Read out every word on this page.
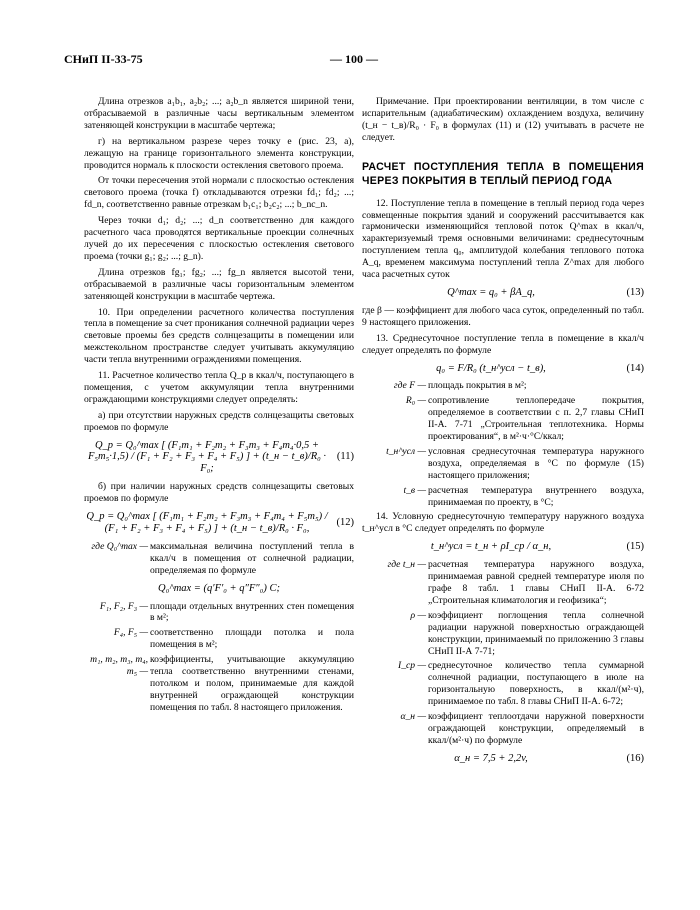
СНиП II-33-75	— 100 —

Длина отрезков a₁b₁, a₂b₂; ...; a₂b_n является шириной тени, отбрасываемой в различные часы вертикальным элементом затеняющей конструкции в масштабе чертежа;

г) на вертикальном разрезе через точку e (рис. 23, a), лежащую на границе горизонтального элемента конструкции, проводится нормаль к плоскости остекления светового проема.

От точки пересечения этой нормали с плоскостью остекления светового проема (точка f) откладываются отрезки fd₁; fd₂; ...; fd_n, соответственно равные отрезкам b₁c₁; b₂c₂; ...; b_nc_n.

Через точки d₁; d₂; ...; d_n соответственно для каждого расчетного часа проводятся вертикальные проекции солнечных лучей до их пересечения с плоскостью остекления светового проема (точки g₁; g₂; ...; g_n).

Длина отрезков fg₁; fg₂; ...; fg_n является высотой тени, отбрасываемой в различные часы горизонтальным элементом затеняющей конструкции в масштабе чертежа.

10. При определении расчетного количества поступления тепла в помещение за счет проникания солнечной радиации через световые проемы без средств солнцезащиты в помещении или межстекольном пространстве следует учитывать аккумуляцию части тепла внутренними ограждениями помещения.

11. Расчетное количество тепла Q_р в ккал/ч, поступающего в помещения, с учетом аккумуляции тепла внутренними ограждающими конструкциями следует определять:

а) при отсутствии наружных средств солнцезащиты световых проемов по формуле

Q_р = Q₀^max [ (F₁m₁ + F₂m₂ + F₃m₃ + F₄m₄·0,5 + F₅m₅·1,5) / (F₁ + F₂ + F₃ + F₄ + F₅) ] + (t_н − t_в)/R₀ · F₀;
(11)

б) при наличии наружных средств солнцезащиты световых проемов по формуле

Q_р = Q₀^max [ (F₁m₁ + F₂m₂ + F₃m₃ + F₄m₄ + F₅m₅) / (F₁ + F₂ + F₃ + F₄ + F₅) ] + (t_н − t_в)/R₀ · F₀,
(12)
где Q₀^max — максимальная величина поступлений тепла в ккал/ч в помещения от солнечной радиации, определяемая по формуле
Q₀^max = (q′F′₀ + q″F″₀) C;
F₁, F₂, F₃ — площади отдельных внутренних стен помещения в м²;
F₄, F₅ — соответственно площади потолка и пола помещения в м²;
m₁, m₂, m₃, m₄, m₅ —
коэффициенты, учитывающие аккумуляцию тепла соответственно внутренними стенами, потолком и полом, принимаемые для каждой внутренней ограждающей конструкции помещения по табл. 8 настоящего приложения.

Примечание. При проектировании вентиляции, в том числе с испарительным (адиабатическим) охлаждением воздуха, величину (t_н − t_в)/R₀ · F₀ в формулах (11) и (12) учитывать в расчете не следует.

РАСЧЕТ ПОСТУПЛЕНИЯ ТЕПЛА В ПОМЕЩЕНИЯ ЧЕРЕЗ ПОКРЫТИЯ В ТЕПЛЫЙ ПЕРИОД ГОДА

12. Поступление тепла в помещение в теплый период года через совмещенные покрытия зданий и сооружений рассчитывается как гармонически изменяющийся тепловой поток Q^max в ккал/ч, характеризуемый тремя основными величинами: среднесуточным поступлением тепла q₀, амплитудой колебания теплового потока A_q, временем максимума поступлений тепла Z^max для любого часа расчетных суток

Q^max = q₀ + βA_q,	(13)

где β — коэффициент для любого часа суток, определенный по табл. 9 настоящего приложения.

13. Среднесуточное поступление тепла в помещение в ккал/ч следует определять по формуле

q₀ = F/R₀ (t_н^усл − t_в),	(14)
где F — площадь покрытия в м²;
R₀ — сопротивление теплопередаче покрытия, определяемое в соответствии с п. 2,7 главы СНиП II-А. 7-71 „Строительная теплотехника. Нормы проектирования“, в м²·ч·°С/ккал;
t_н^усл — условная среднесуточная температура наружного воздуха, определяемая в °С по формуле (15) настоящего приложения;
t_в — расчетная температура внутреннего воздуха, принимаемая по проекту, в °С;

14. Условную среднесуточную температуру наружного воздуха t_н^усл в °С следует определять по формуле

t_н^усл = t_н + ρI_ср / α_н,	(15)
где t_н — расчетная температура наружного воздуха, принимаемая равной средней температуре июля по графе 8 табл. 1 главы СНиП II-А. 6-72 „Строительная климатология и геофизика“;
ρ — коэффициент поглощения тепла солнечной радиации наружной поверхностью ограждающей конструкции, принимаемый по приложению 3 главы СНиП II-А 7-71;
I_ср — среднесуточное количество тепла суммарной солнечной радиации, поступающего в июле на горизонтальную поверхность, в ккал/(м²·ч), принимаемое по табл. 8 главы СНиП II-А. 6-72;
α_н — коэффициент теплоотдачи наружной поверхности ограждающей конструкции, определяемый в ккал/(м²·ч) по формуле
α_н = 7,5 + 2,2v,	(16)
